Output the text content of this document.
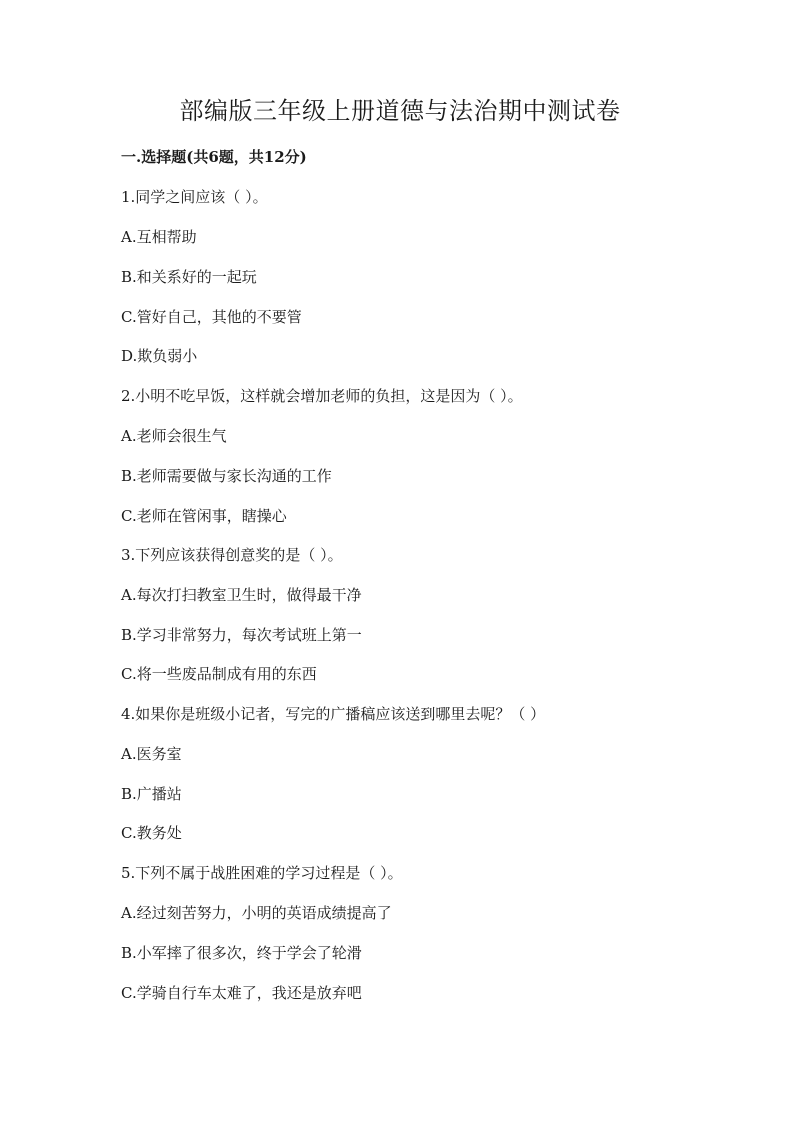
部编版三年级上册道德与法治期中测试卷
一.选择题(共6题，共12分)

1.同学之间应该（ ）。

A.互相帮助

B.和关系好的一起玩

C.管好自己，其他的不要管

D.欺负弱小

2.小明不吃早饭，这样就会增加老师的负担，这是因为（ ）。

A.老师会很生气

B.老师需要做与家长沟通的工作

C.老师在管闲事，瞎操心

3.下列应该获得创意奖的是（ ）。

A.每次打扫教室卫生时，做得最干净

B.学习非常努力，每次考试班上第一

C.将一些废品制成有用的东西

4.如果你是班级小记者，写完的广播稿应该送到哪里去呢？（ ）

A.医务室

B.广播站

C.教务处

5.下列不属于战胜困难的学习过程是（ ）。

A.经过刻苦努力，小明的英语成绩提高了

B.小军摔了很多次，终于学会了轮滑

C.学骑自行车太难了，我还是放弃吧
